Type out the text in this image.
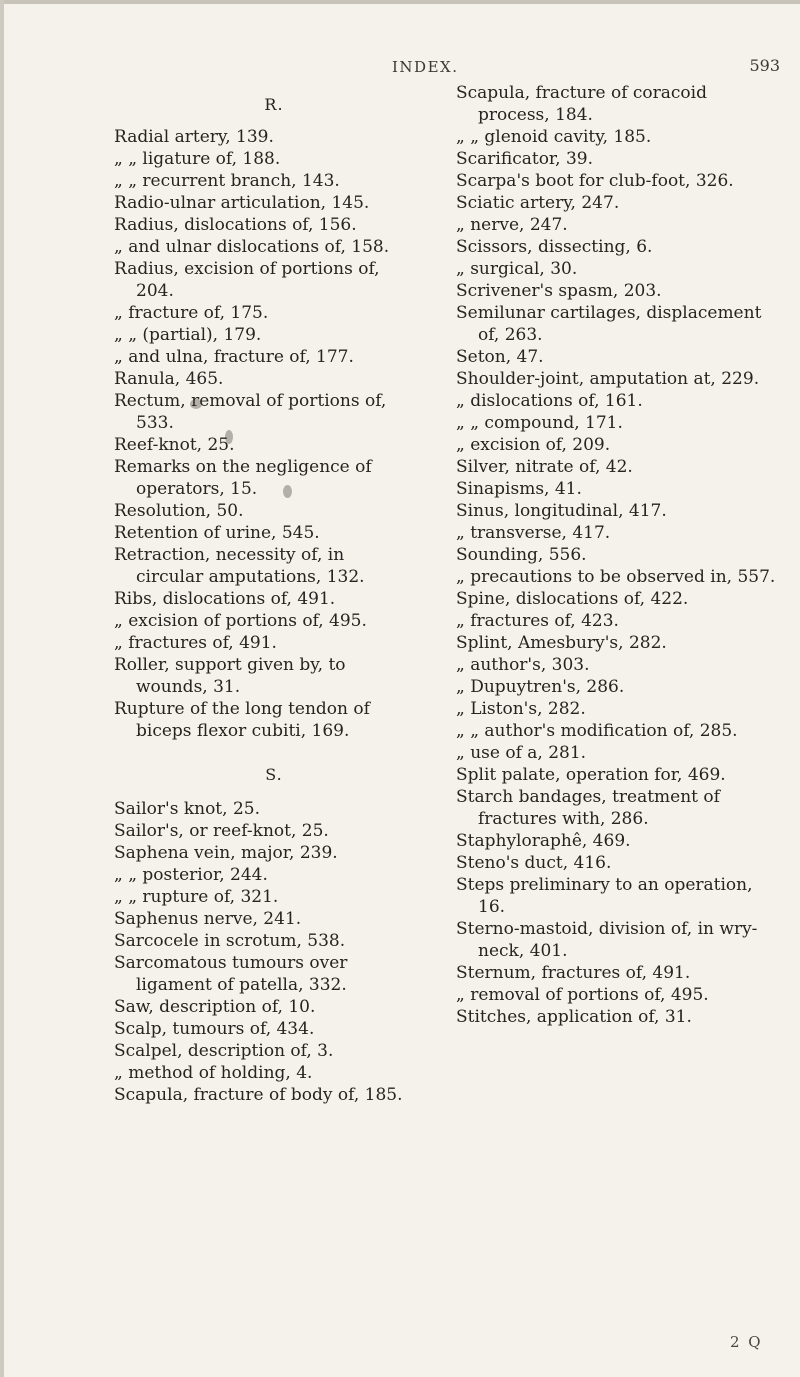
INDEX.	593
R.

Radial artery, 139.

„ „ ligature of, 188.

„ „ recurrent branch, 143.

Radio-ulnar articulation, 145.

Radius, dislocations of, 156.

„ and ulnar dislocations of, 158.

Radius, excision of portions of, 204.

„ fracture of, 175.

„ „ (partial), 179.

„ and ulna, fracture of, 177.

Ranula, 465.

Rectum, removal of portions of, 533.

Reef-knot, 25.

Remarks on the negligence of operators, 15.

Resolution, 50.

Retention of urine, 545.

Retraction, necessity of, in circular amputations, 132.

Ribs, dislocations of, 491.

„ excision of portions of, 495.

„ fractures of, 491.

Roller, support given by, to wounds, 31.

Rupture of the long tendon of biceps flexor cubiti, 169.

S.

Sailor's knot, 25.

Sailor's, or reef-knot, 25.

Saphena vein, major, 239.

„ „ posterior, 244.

„ „ rupture of, 321.

Saphenus nerve, 241.

Sarcocele in scrotum, 538.

Sarcomatous tumours over ligament of patella, 332.

Saw, description of, 10.

Scalp, tumours of, 434.

Scalpel, description of, 3.

„ method of holding, 4.

Scapula, fracture of body of, 185.

Scapula, fracture of coracoid process, 184.

„ „ glenoid cavity, 185.

Scarificator, 39.

Scarpa's boot for club-foot, 326.

Sciatic artery, 247.

„ nerve, 247.

Scissors, dissecting, 6.

„ surgical, 30.

Scrivener's spasm, 203.

Semilunar cartilages, displacement of, 263.

Seton, 47.

Shoulder-joint, amputation at, 229.

„ dislocations of, 161.

„ „ compound, 171.

„ excision of, 209.

Silver, nitrate of, 42.

Sinapisms, 41.

Sinus, longitudinal, 417.

„ transverse, 417.

Sounding, 556.

„ precautions to be observed in, 557.

Spine, dislocations of, 422.

„ fractures of, 423.

Splint, Amesbury's, 282.

„ author's, 303.

„ Dupuytren's, 286.

„ Liston's, 282.

„ „ author's modification of, 285.

„ use of a, 281.

Split palate, operation for, 469.

Starch bandages, treatment of fractures with, 286.

Staphyloraphê, 469.

Steno's duct, 416.

Steps preliminary to an operation, 16.

Sterno-mastoid, division of, in wry-neck, 401.

Sternum, fractures of, 491.

„ removal of portions of, 495.

Stitches, application of, 31.

2 Q
